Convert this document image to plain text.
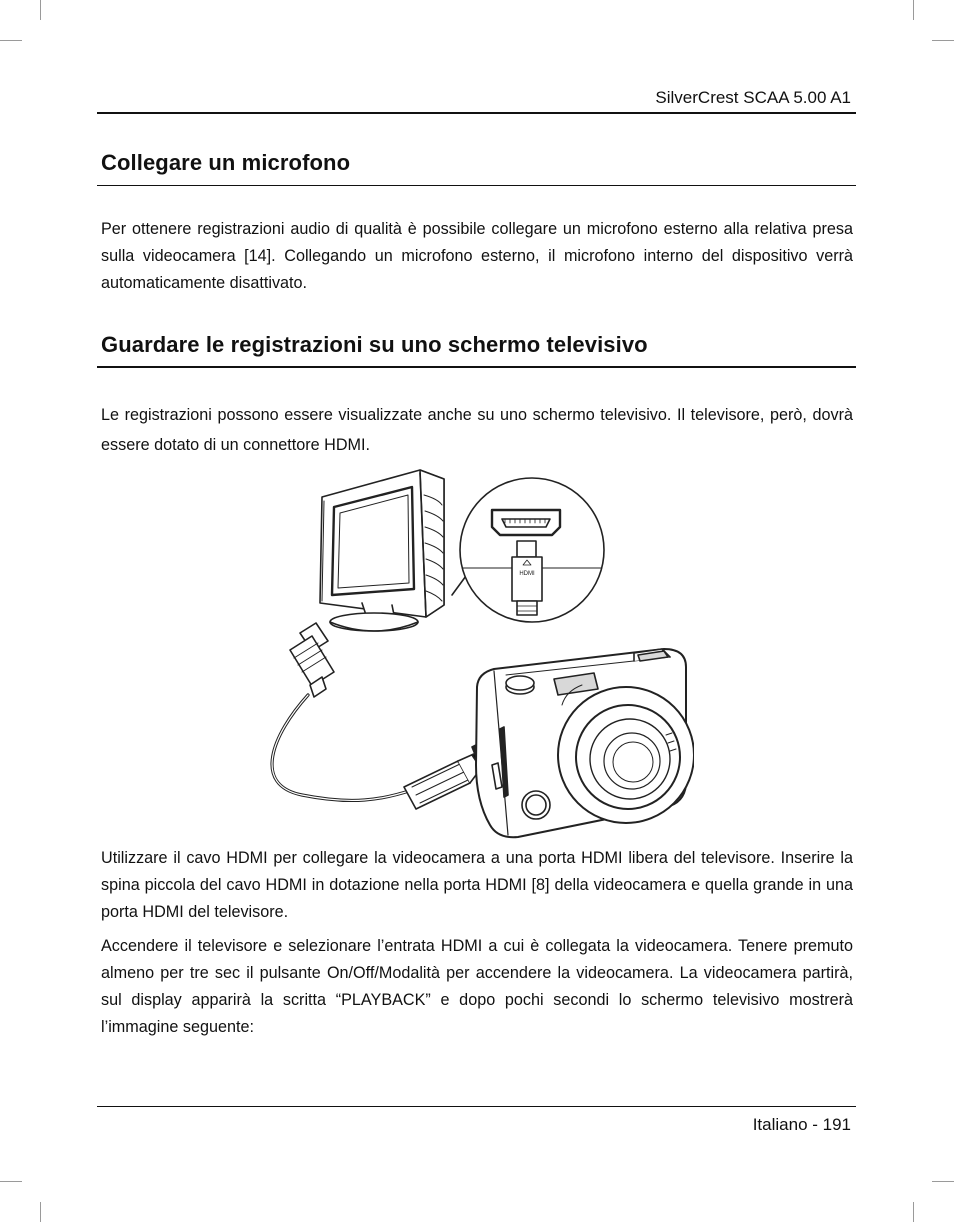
SilverCrest SCAA 5.00 A1
Collegare un microfono

Per ottenere registrazioni audio di qualità è possibile collegare un microfono esterno alla relativa presa sulla videocamera [14]. Collegando un microfono esterno, il microfono interno del dispositivo verrà automaticamente disattivato.

Guardare le registrazioni su uno schermo televisivo

Le registrazioni possono essere visualizzate anche su uno schermo televisivo. Il televisore, però, dovrà essere dotato di un connettore HDMI.

HDMI

Utilizzare il cavo HDMI per collegare la videocamera a una porta HDMI libera del televisore. Inserire la spina piccola del cavo HDMI in dotazione nella porta HDMI [8] della videocamera e quella grande in una porta HDMI del televisore.

Accendere il televisore e selezionare l’entrata HDMI a cui è collegata la videocamera. Tenere premuto almeno per tre sec il pulsante On/Off/Modalità per accendere la videocamera. La videocamera partirà, sul display apparirà la scritta “PLAYBACK” e dopo pochi secondi lo schermo televisivo mostrerà l’immagine seguente:

Italiano - 191
